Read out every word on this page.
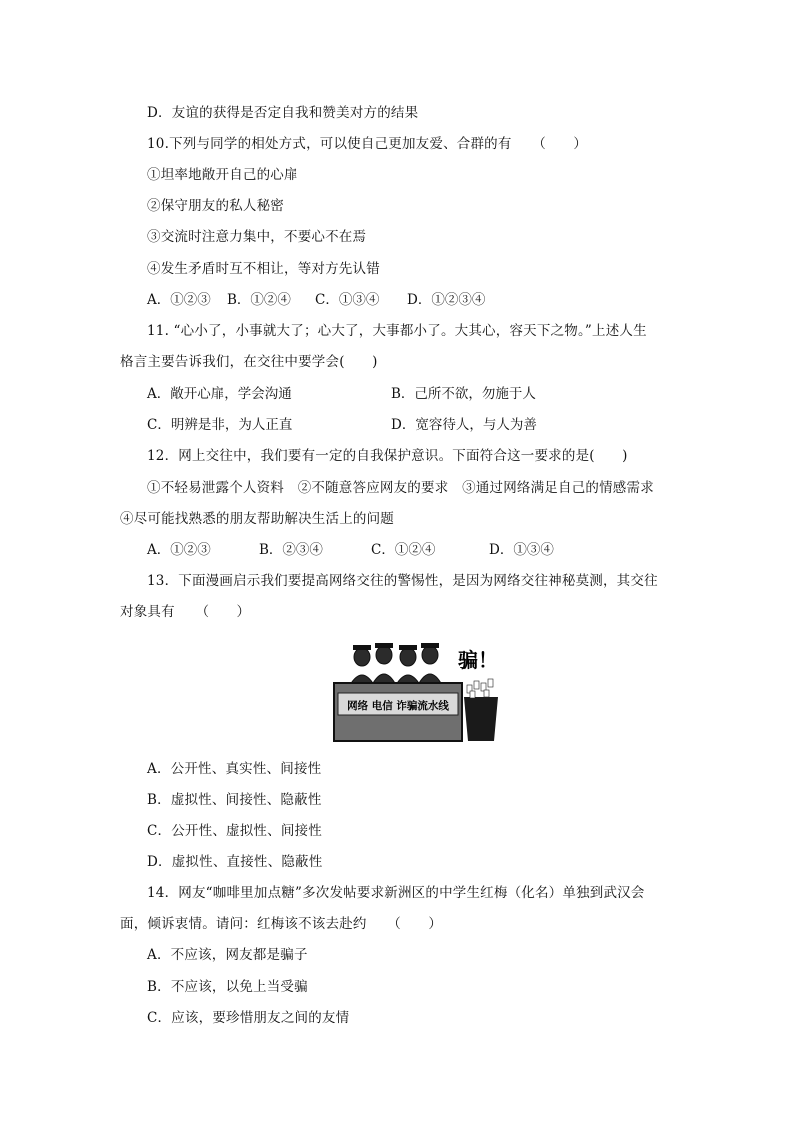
D．友谊的获得是否定自我和赞美对方的结果
10.下列与同学的相处方式，可以使自己更加友爱、合群的有　　（　　）
①坦率地敞开自己的心扉
②保守朋友的私人秘密
③交流时注意力集中，不要心不在焉
④发生矛盾时互不相让，等对方先认错
A．①②③ B．①②④ C．①③④ D．①②③④
11. “心小了，小事就大了；心大了，大事都小了。大其心，容天下之物。”上述人生
格言主要告诉我们，在交往中要学会(　　)
A．敞开心扉，学会沟通	B．己所不欲，勿施于人
C．明辨是非，为人正直	D．宽容待人，与人为善
12．网上交往中，我们要有一定的自我保护意识。下面符合这一要求的是(　　)
①不轻易泄露个人资料　②不随意答应网友的要求　③通过网络满足自己的情感需求
④尽可能找熟悉的朋友帮助解决生活上的问题
A．①②③	B．②③④	C．①②④	D．①③④
13．下面漫画启示我们要提高网络交往的警惕性，是因为网络交往神秘莫测，其交往
对象具有　　（　　）
网络 电信 诈骗流水线
骗！
A．公开性、真实性、间接性
B．虚拟性、间接性、隐蔽性
C．公开性、虚拟性、间接性
D．虚拟性、直接性、隐蔽性
14．网友“咖啡里加点糖”多次发帖要求新洲区的中学生红梅（化名）单独到武汉会
面，倾诉衷情。请问：红梅该不该去赴约　　（　　）
A．不应该，网友都是骗子
B．不应该，以免上当受骗
C．应该，要珍惜朋友之间的友情
